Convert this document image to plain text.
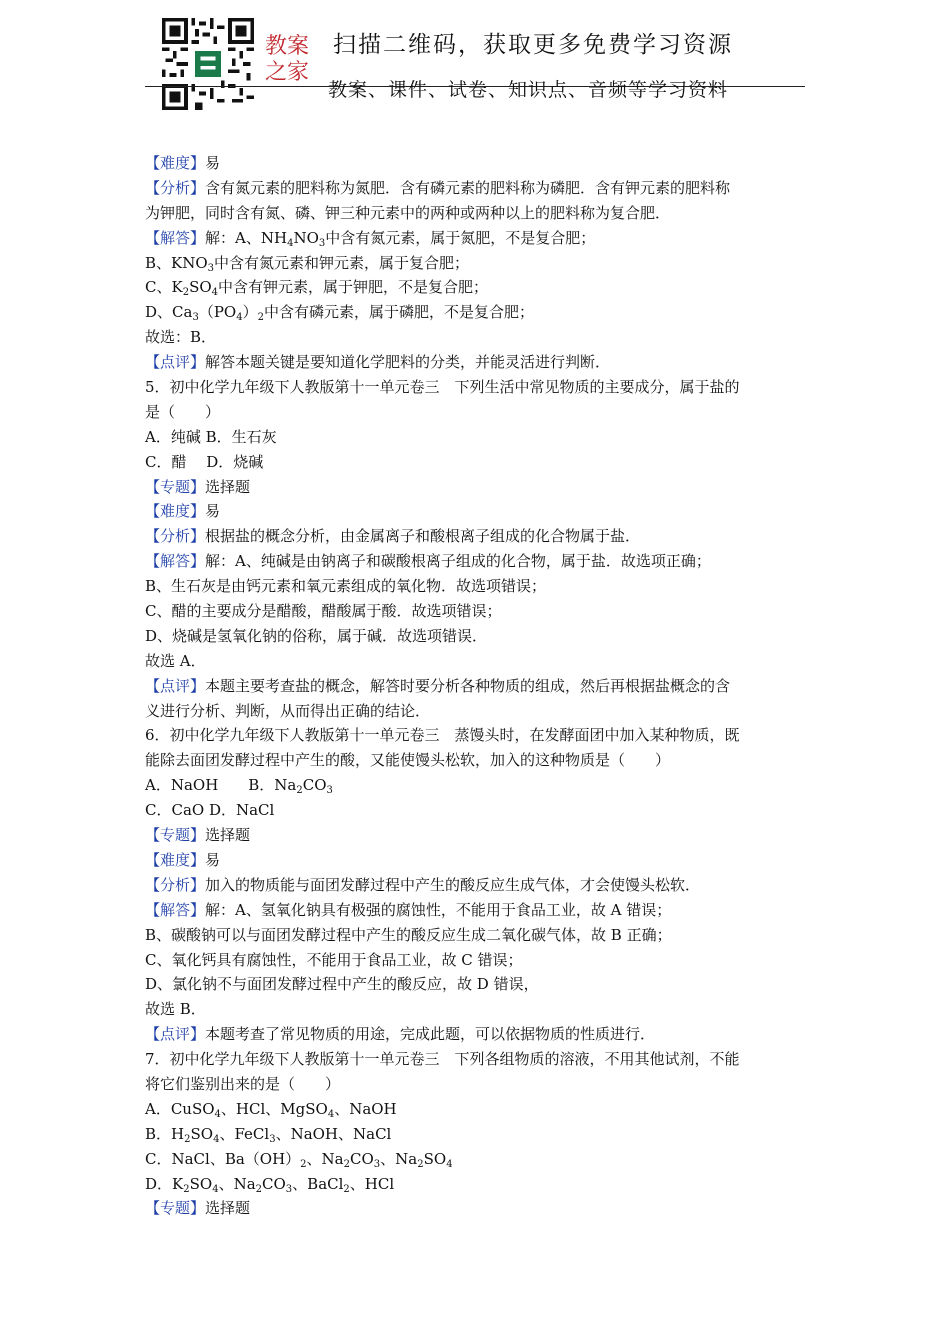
教案
之家
扫描二维码，获取更多免费学习资源
教案、课件、试卷、知识点、音频等学习资料
【难度】易
【分析】含有氮元素的肥料称为氮肥．含有磷元素的肥料称为磷肥．含有钾元素的肥料称
为钾肥，同时含有氮、磷、钾三种元素中的两种或两种以上的肥料称为复合肥．
【解答】解：A、$NH_4NO_3$中含有氮元素，属于氮肥，不是复合肥；
B、$KNO_3$中含有氮元素和钾元素，属于复合肥；
C、$K_2SO_4$中含有钾元素，属于钾肥，不是复合肥；
D、$Ca_3(PO_4)_2$中含有磷元素，属于磷肥，不是复合肥；
故选：B．
【点评】解答本题关键是要知道化学肥料的分类，并能灵活进行判断．
5．初中化学九年级下人教版第十一单元卷三　下列生活中常见物质的主要成分，属于盐的
是（　　）
A．纯碱 B．生石灰
C．醋　 D．烧碱
【专题】选择题
【难度】易
【分析】根据盐的概念分析，由金属离子和酸根离子组成的化合物属于盐．
【解答】解：A、纯碱是由钠离子和碳酸根离子组成的化合物，属于盐．故选项正确；
B、生石灰是由钙元素和氧元素组成的氧化物．故选项错误；
C、醋的主要成分是醋酸，醋酸属于酸．故选项错误；
D、烧碱是氢氧化钠的俗称，属于碱．故选项错误．
故选 A．
【点评】本题主要考查盐的概念，解答时要分析各种物质的组成，然后再根据盐概念的含
义进行分析、判断，从而得出正确的结论．
6．初中化学九年级下人教版第十一单元卷三　蒸馒头时，在发酵面团中加入某种物质，既
能除去面团发酵过程中产生的酸，又能使馒头松软，加入的这种物质是（　　）
A．NaOH　　B．$Na_2CO_3$
C．CaO D．NaCl
【专题】选择题
【难度】易
【分析】加入的物质能与面团发酵过程中产生的酸反应生成气体，才会使馒头松软．
【解答】解：A、氢氧化钠具有极强的腐蚀性，不能用于食品工业，故 A 错误；
B、碳酸钠可以与面团发酵过程中产生的酸反应生成二氧化碳气体，故 B 正确；
C、氧化钙具有腐蚀性，不能用于食品工业，故 C 错误；
D、氯化钠不与面团发酵过程中产生的酸反应，故 D 错误，
故选 B．
【点评】本题考查了常见物质的用途，完成此题，可以依据物质的性质进行．
7．初中化学九年级下人教版第十一单元卷三　下列各组物质的溶液，不用其他试剂，不能
将它们鉴别出来的是（　　）
A．CuSO$_4$、HCl、MgSO$_4$、NaOH
B．$H_2SO_4$、FeCl$_3$、NaOH、NaCl
C．NaCl、$Ba(OH)_2$、$Na_2CO_3$、$Na_2SO_4$
D．$K_2SO_4$、$Na_2CO_3$、BaCl$_2$、HCl
【专题】选择题
